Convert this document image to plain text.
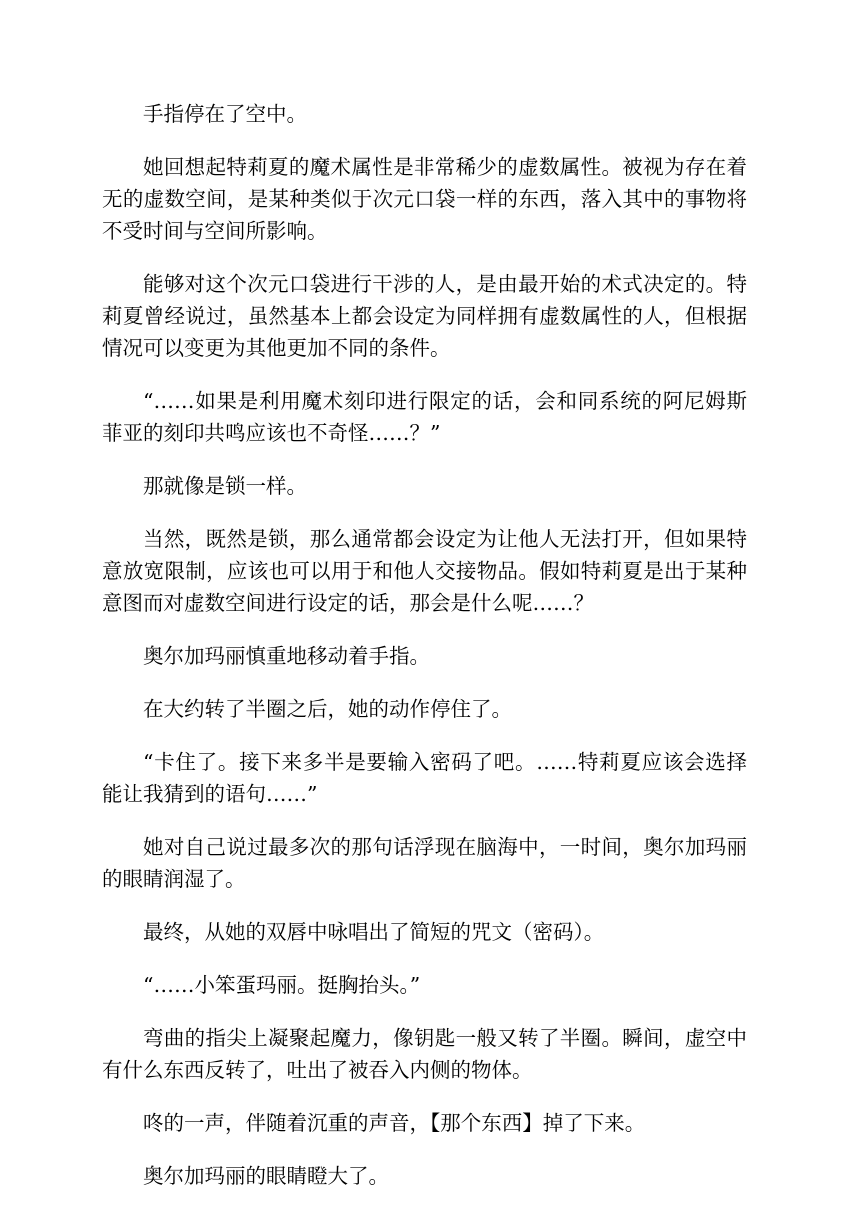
手指停在了空中。

她回想起特莉夏的魔术属性是非常稀少的虚数属性。被视为存在着无的虚数空间，是某种类似于次元口袋一样的东西，落入其中的事物将不受时间与空间所影响。

能够对这个次元口袋进行干涉的人，是由最开始的术式决定的。特莉夏曾经说过，虽然基本上都会设定为同样拥有虚数属性的人，但根据情况可以变更为其他更加不同的条件。

“……如果是利用魔术刻印进行限定的话，会和同系统的阿尼姆斯菲亚的刻印共鸣应该也不奇怪……？”

那就像是锁一样。

当然，既然是锁，那么通常都会设定为让他人无法打开，但如果特意放宽限制，应该也可以用于和他人交接物品。假如特莉夏是出于某种意图而对虚数空间进行设定的话，那会是什么呢……？

奥尔加玛丽慎重地移动着手指。

在大约转了半圈之后，她的动作停住了。

“卡住了。接下来多半是要输入密码了吧。……特莉夏应该会选择能让我猜到的语句……”

她对自己说过最多次的那句话浮现在脑海中，一时间，奥尔加玛丽的眼睛润湿了。

最终，从她的双唇中咏唱出了简短的咒文（密码）。

“……小笨蛋玛丽。挺胸抬头。”

弯曲的指尖上凝聚起魔力，像钥匙一般又转了半圈。瞬间，虚空中有什么东西反转了，吐出了被吞入内侧的物体。

咚的一声，伴随着沉重的声音，【那个东西】掉了下来。

奥尔加玛丽的眼睛瞪大了。
